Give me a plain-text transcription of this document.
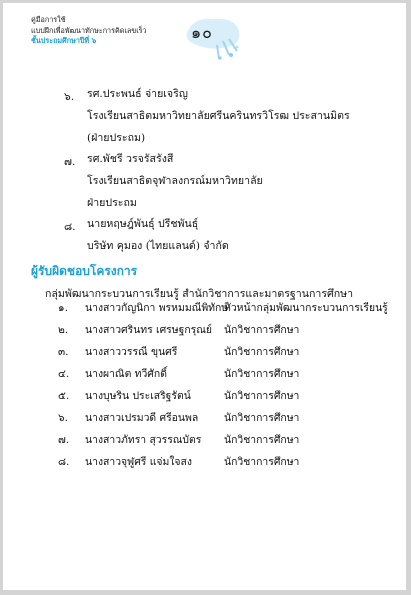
คู่มือการใช้
แบบฝึกเพื่อพัฒนาทักษะการคิดเลขเร็ว
ชั้นประถมศึกษาปีที่ ๖	๑๐
๖. รศ.ประพนธ์ จ่ายเจริญ
โรงเรียนสาธิตมหาวิทยาลัยศรีนครินทรวิโรฒ ประสานมิตร
(ฝ่ายประถม)
๗. รศ.พัชรี วรจรัสรังสี
โรงเรียนสาธิตจุฬาลงกรณ์มหาวิทยาลัย
ฝ่ายประถม
๘. นายหฤษฎ์พันธุ์ ปรีชพันธุ์
บริษัท คุมอง (ไทยแลนด์) จำกัด
ผู้รับผิดชอบโครงการ
กลุ่มพัฒนากระบวนการเรียนรู้ สำนักวิชาการและมาตรฐานการศึกษา
๑. นางสาวกัญนิกา พรหมมณีพิทักษ์
หัวหน้ากลุ่มพัฒนากระบวนการเรียนรู้
๒. นางสาวศรินทร เศรษฐกรุณย์ นักวิชาการศึกษา
๓. นางสาววรรณี ขุนศรี	นักวิชาการศึกษา
๔. นางผาณิต ทวีศักดิ์	นักวิชาการศึกษา
๕. นางบุษริน ประเสริฐรัตน์	นักวิชาการศึกษา
๖. นางสาวเปรมวดี ศรีอนพล นักวิชาการศึกษา
๗. นางสาวภัทรา สุวรรณบัตร นักวิชาการศึกษา
๘. นางสาวจุฬูศรี แจ่มใจสง	นักวิชาการศึกษา
